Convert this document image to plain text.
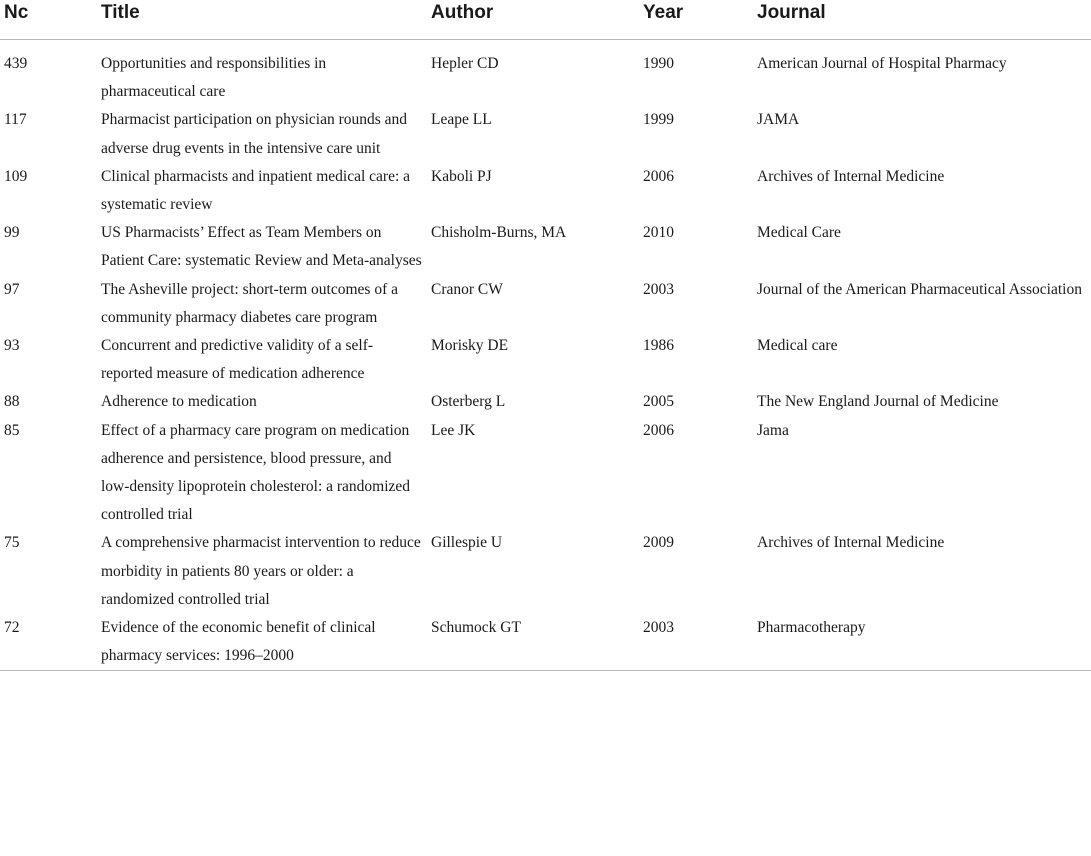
Nc	Title	Author	Year	Journal
439	Opportunities and responsibilities in pharmaceutical care	Hepler CD	1990	American Journal of Hospital Pharmacy
117	Pharmacist participation on physician rounds and adverse drug events in the intensive care unit	Leape LL	1999	JAMA
109	Clinical pharmacists and inpatient medical care: a systematic review	Kaboli PJ	2006	Archives of Internal Medicine
99	US Pharmacists’ Effect as Team Members on Patient Care: systematic Review and Meta-analyses	Chisholm-Burns, MA	2010	Medical Care
97	The Asheville project: short-term outcomes of a community pharmacy diabetes care program	Cranor CW	2003	Journal of the American Pharmaceutical Association
93	Concurrent and predictive validity of a self-reported measure of medication adherence	Morisky DE	1986	Medical care
88	Adherence to medication	Osterberg L	2005	The New England Journal of Medicine
85	Effect of a pharmacy care program on medication adherence and persistence, blood pressure, and low-density lipoprotein cholesterol: a randomized controlled trial	Lee JK	2006	Jama
75	A comprehensive pharmacist intervention to reduce morbidity in patients 80 years or older: a randomized controlled trial	Gillespie U	2009	Archives of Internal Medicine
72	Evidence of the economic benefit of clinical pharmacy services: 1996–2000	Schumock GT	2003	Pharmacotherapy
